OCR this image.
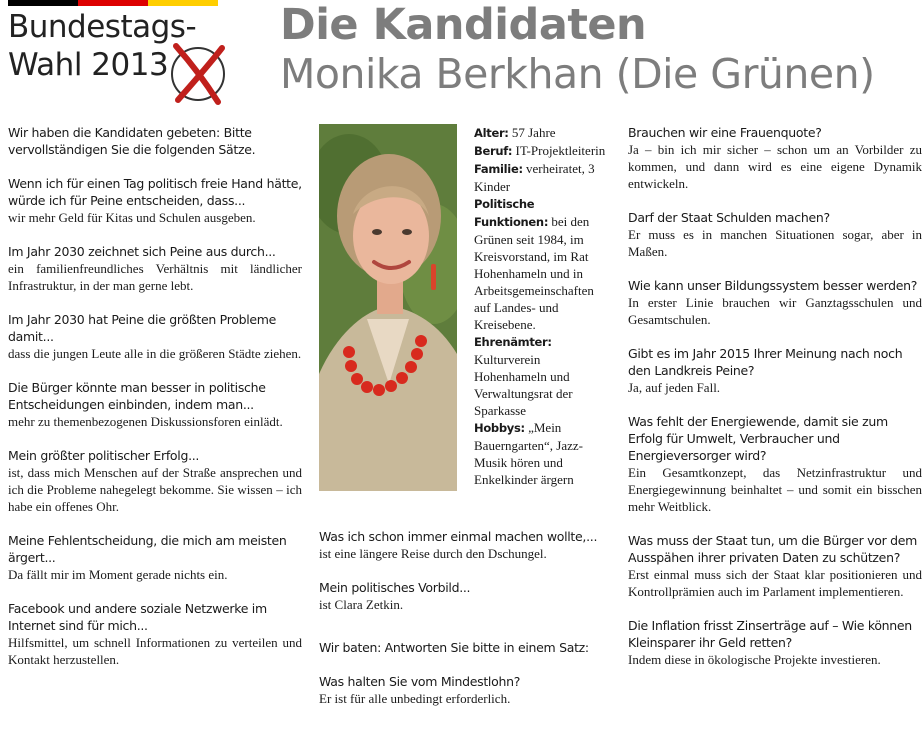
Bundestags-
Wahl 2013
Die Kandidaten
Monika Berkhan (Die Grünen)
Wir haben die Kandidaten gebeten: Bitte vervollständigen Sie die folgenden Sätze.
Wenn ich für einen Tag politisch freie Hand hätte, würde ich für Peine entscheiden, dass...
wir mehr Geld für Kitas und Schulen ausgeben.
Im Jahr 2030 zeichnet sich Peine aus durch...
ein familienfreundliches Verhältnis mit ländlicher Infrastruktur, in der man gerne lebt.
Im Jahr 2030 hat Peine die größten Probleme damit...
dass die jungen Leute alle in die größeren Städte ziehen.
Die Bürger könnte man besser in politische Entscheidungen einbinden, indem man...
mehr zu themenbezogenen Diskussionsforen einlädt.
Mein größter politischer Erfolg...
ist, dass mich Menschen auf der Straße ansprechen und ich die Probleme nahegelegt bekomme. Sie wissen – ich habe ein offenes Ohr.
Meine Fehlentscheidung, die mich am meisten ärgert...
Da fällt mir im Moment gerade nichts ein.
Facebook und andere soziale Netzwerke im Internet sind für mich...
Hilfsmittel, um schnell Informationen zu verteilen und Kontakt herzustellen.
Alter: 57 Jahre
Beruf: IT-Projektleiterin
Familie: verheiratet, 3 Kinder
Politische Funktionen: bei den Grünen seit 1984, im Kreisvorstand, im Rat Hohenhameln und in Arbeitsgemeinschaften auf Landes- und Kreisebene.
Ehrenämter: Kulturverein Hohenhameln und Verwaltungsrat der Sparkasse
Hobbys: „Mein Bauerngarten“, Jazz-Musik hören und Enkelkinder ärgern
Was ich schon immer einmal machen wollte,...
ist eine längere Reise durch den Dschungel.
Mein politisches Vorbild...
ist Clara Zetkin.
Wir baten: Antworten Sie bitte in einem Satz:
Was halten Sie vom Mindestlohn?
Er ist für alle unbedingt erforderlich.
Brauchen wir eine Frauenquote?
Ja – bin ich mir sicher – schon um an Vorbilder zu kommen, und dann wird es eine eigene Dynamik entwickeln.
Darf der Staat Schulden machen?
Er muss es in manchen Situationen sogar, aber in Maßen.
Wie kann unser Bildungssystem besser werden?
In erster Linie brauchen wir Ganztagsschulen und Gesamtschulen.
Gibt es im Jahr 2015 Ihrer Meinung nach noch den Landkreis Peine?
Ja, auf jeden Fall.
Was fehlt der Energiewende, damit sie zum Erfolg für Umwelt, Verbraucher und Energieversorger wird?
Ein Gesamtkonzept, das Netzinfrastruktur und Energiegewinnung beinhaltet – und somit ein bisschen mehr Weitblick.
Was muss der Staat tun, um die Bürger vor dem Ausspähen ihrer privaten Daten zu schützen?
Erst einmal muss sich der Staat klar positionieren und Kontrollprämien auch im Parlament implementieren.
Die Inflation frisst Zinserträge auf – Wie können Kleinsparer ihr Geld retten?
Indem diese in ökologische Projekte investieren.
